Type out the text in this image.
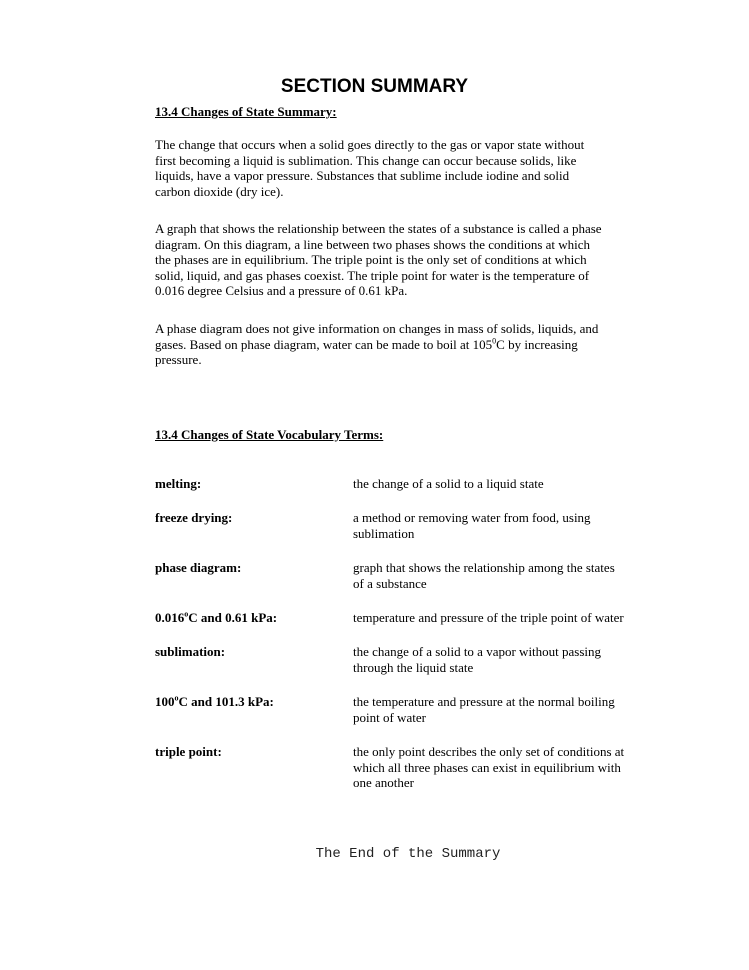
SECTION SUMMARY
13.4 Changes of State Summary:
The change that occurs when a solid goes directly to the gas or vapor state without
first becoming a liquid is sublimation. This change can occur because solids, like
liquids, have a vapor pressure. Substances that sublime include iodine and solid
carbon dioxide (dry ice).
A graph that shows the relationship between the states of a substance is called a phase
diagram. On this diagram, a line between two phases shows the conditions at which
the phases are in equilibrium. The triple point is the only set of conditions at which
solid, liquid, and gas phases coexist. The triple point for water is the temperature of
0.016 degree Celsius and a pressure of 0.61 kPa.
A phase diagram does not give information on changes in mass of solids, liquids, and
gases. Based on phase diagram, water can be made to boil at $105^0C$ by increasing
pressure.
13.4 Changes of State Vocabulary Terms:
melting:	the change of a solid to a liquid state
freeze drying:	a method or removing water from food, using
sublimation
phase diagram:	graph that shows the relationship among the states
of a substance
0.016$^o$C and 0.61 kPa:	temperature and pressure of the triple point of water
sublimation:	the change of a solid to a vapor without passing
through the liquid state
100$^o$C and 101.3 kPa:	the temperature and pressure at the normal boiling
point of water
triple point:	the only point describes the only set of conditions at
which all three phases can exist in equilibrium with
one another
The End of the Summary
